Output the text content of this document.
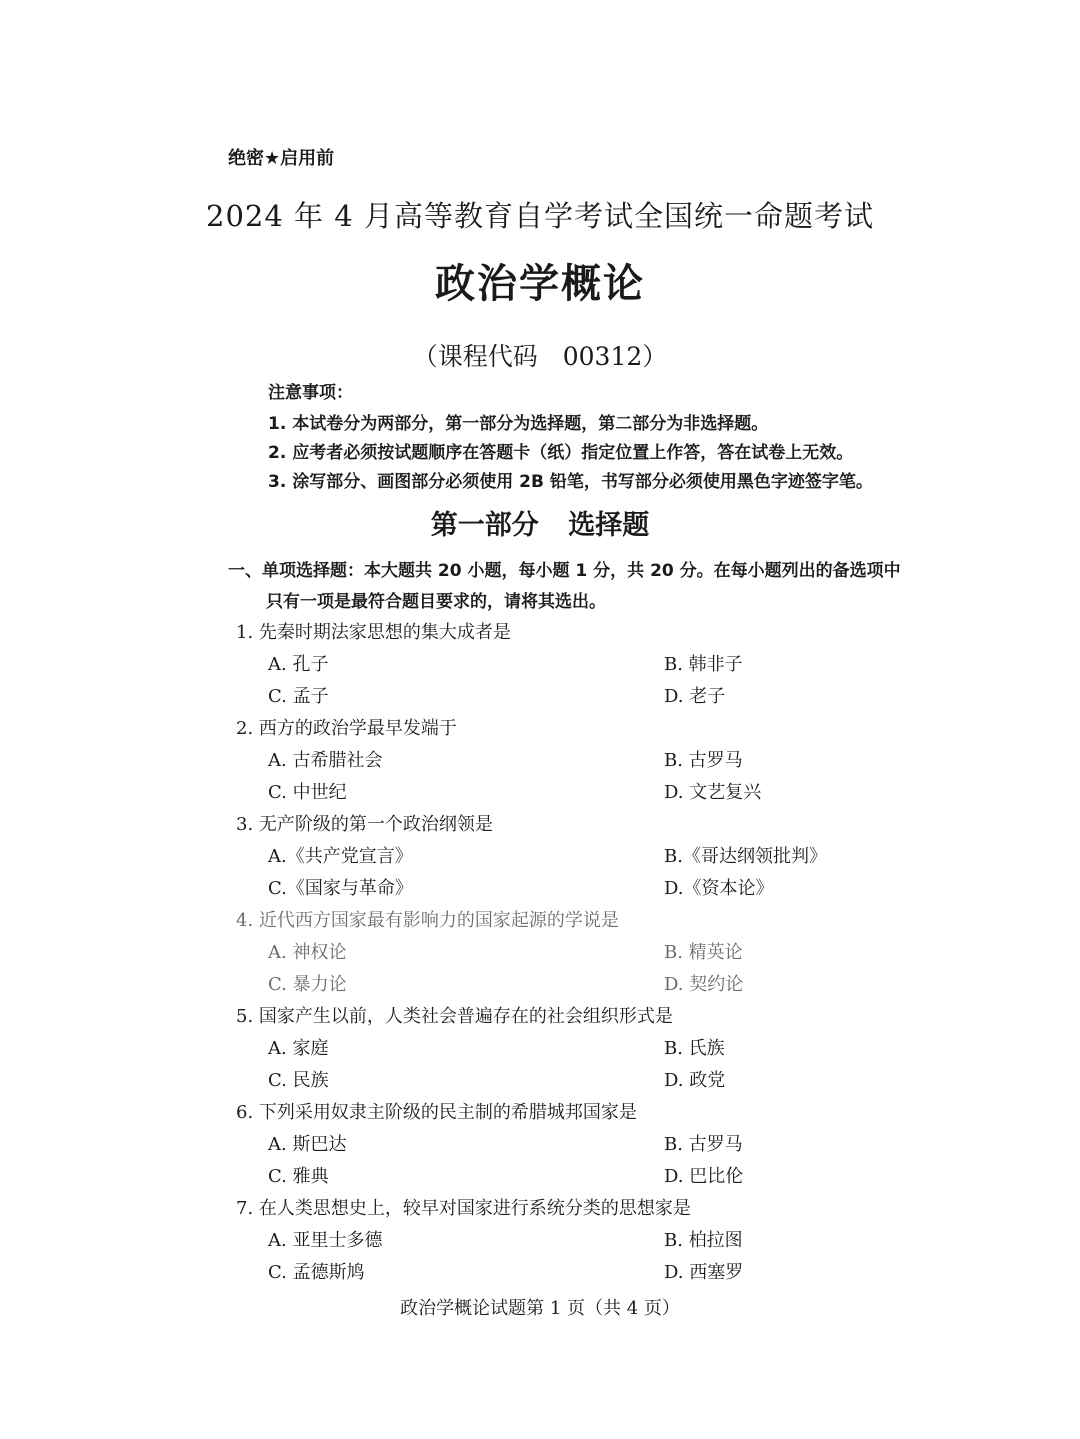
绝密★启用前
2024 年 4 月高等教育自学考试全国统一命题考试
政治学概论
（课程代码　00312）
注意事项：
1. 本试卷分为两部分，第一部分为选择题，第二部分为非选择题。
2. 应考者必须按试题顺序在答题卡（纸）指定位置上作答，答在试卷上无效。
3. 涂写部分、画图部分必须使用 2B 铅笔，书写部分必须使用黑色字迹签字笔。
第一部分 选择题
一、单项选择题：本大题共 20 小题，每小题 1 分，共 20 分。在每小题列出的备选项中
只有一项是最符合题目要求的，请将其选出。
1. 先秦时期法家思想的集大成者是
A. 孔子	B. 韩非子
C. 孟子	D. 老子
2. 西方的政治学最早发端于
A. 古希腊社会	B. 古罗马
C. 中世纪	D. 文艺复兴
3. 无产阶级的第一个政治纲领是
A.《共产党宣言》	B.《哥达纲领批判》
C.《国家与革命》	D.《资本论》
4. 近代西方国家最有影响力的国家起源的学说是
A. 神权论	B. 精英论
C. 暴力论	D. 契约论
5. 国家产生以前，人类社会普遍存在的社会组织形式是
A. 家庭	B. 氏族
C. 民族	D. 政党
6. 下列采用奴隶主阶级的民主制的希腊城邦国家是
A. 斯巴达	B. 古罗马
C. 雅典	D. 巴比伦
7. 在人类思想史上，较早对国家进行系统分类的思想家是
A. 亚里士多德	B. 柏拉图
C. 孟德斯鸠	D. 西塞罗
政治学概论试题第 1 页（共 4 页）
